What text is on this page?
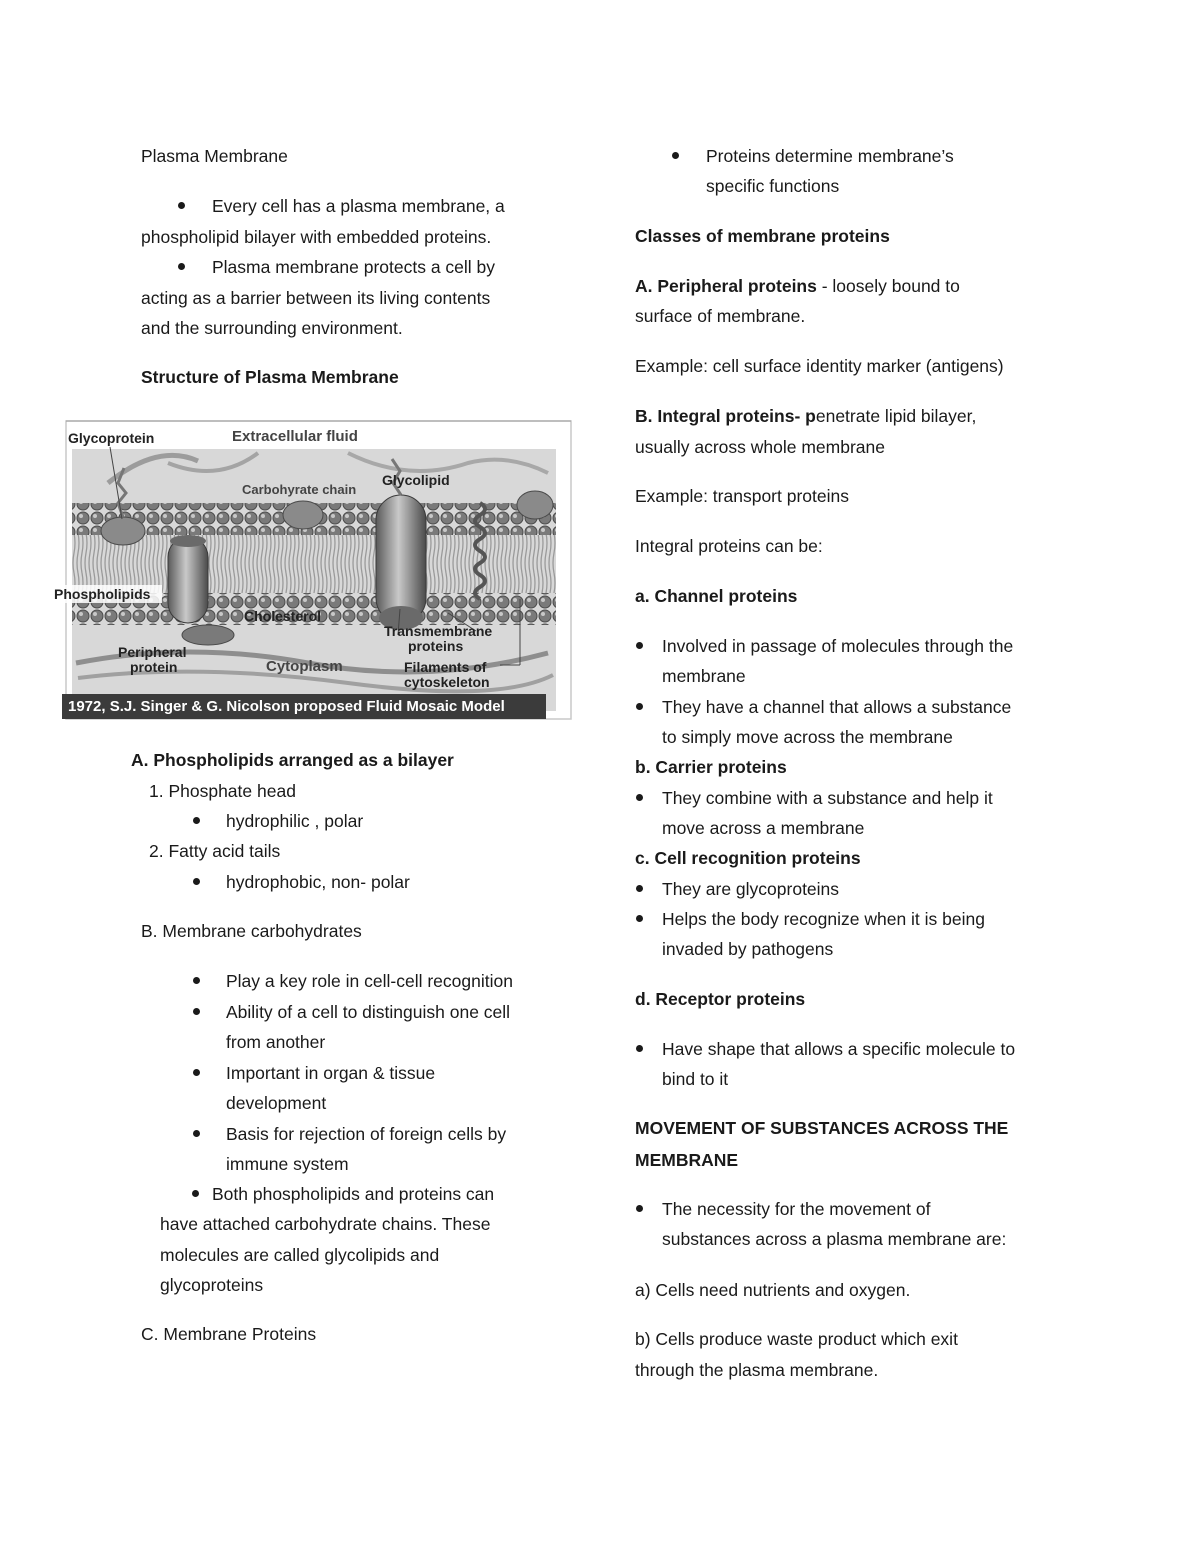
Plasma Membrane
Every cell has a plasma membrane, a
phospholipid bilayer with embedded proteins.
Plasma membrane protects a cell by
acting as a barrier between its living contents
and the surrounding environment.
Structure of Plasma Membrane
Glycoprotein	Extracellular fluid
Carbohyrate chain
Glycolipid
Phospholipids
Cholesterol
Transmembrane
proteins
Peripheral
protein	Cytoplasm	Filaments of
cytoskeleton
1972, S.J. Singer & G. Nicolson proposed Fluid Mosaic Model
A. Phospholipids arranged as a bilayer
1. Phosphate head
hydrophilic , polar
2. Fatty acid tails
hydrophobic, non- polar
B. Membrane carbohydrates
Play a key role in cell-cell recognition
Ability of a cell to distinguish one cell
from another
Important in organ & tissue
development
Basis for rejection of foreign cells by
immune system
Both phospholipids and proteins can
have attached carbohydrate chains. These
molecules are called glycolipids and
glycoproteins
C. Membrane Proteins
Proteins determine membrane’s
specific functions
Classes of membrane proteins
A. Peripheral proteins - loosely bound to
surface of membrane.
Example: cell surface identity marker (antigens)
B. Integral proteins- penetrate lipid bilayer,
usually across whole membrane
Example: transport proteins
Integral proteins can be:
a. Channel proteins
Involved in passage of molecules through the
membrane
They have a channel that allows a substance
to simply move across the membrane
b. Carrier proteins
They combine with a substance and help it
move across a membrane
c. Cell recognition proteins
They are glycoproteins
Helps the body recognize when it is being
invaded by pathogens
d. Receptor proteins
Have shape that allows a specific molecule to
bind to it
MOVEMENT OF SUBSTANCES ACROSS THE
MEMBRANE
The necessity for the movement of
substances across a plasma membrane are:
a) Cells need nutrients and oxygen.
b) Cells produce waste product which exit
through the plasma membrane.
